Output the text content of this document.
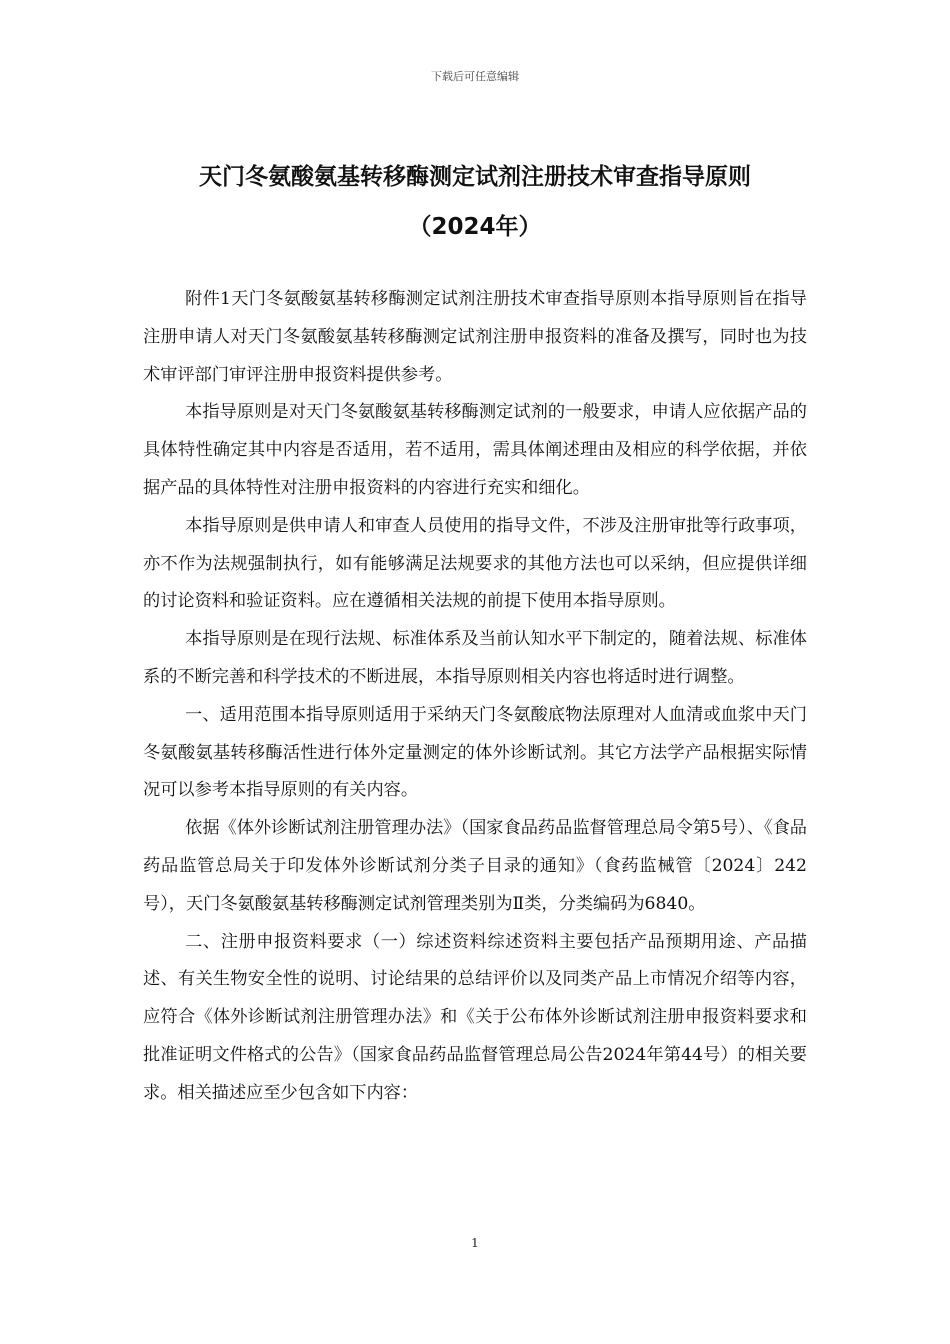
下载后可任意编辑
天门冬氨酸氨基转移酶测定试剂注册技术审查指导原则
（2024年）

附件1天门冬氨酸氨基转移酶测定试剂注册技术审查指导原则本指导原则旨在指导注册申请人对天门冬氨酸氨基转移酶测定试剂注册申报资料的准备及撰写，同时也为技术审评部门审评注册申报资料提供参考。

本指导原则是对天门冬氨酸氨基转移酶测定试剂的一般要求，申请人应依据产品的具体特性确定其中内容是否适用，若不适用，需具体阐述理由及相应的科学依据，并依据产品的具体特性对注册申报资料的内容进行充实和细化。

本指导原则是供申请人和审查人员使用的指导文件，不涉及注册审批等行政事项，亦不作为法规强制执行，如有能够满足法规要求的其他方法也可以采纳，但应提供详细的讨论资料和验证资料。应在遵循相关法规的前提下使用本指导原则。

本指导原则是在现行法规、标准体系及当前认知水平下制定的，随着法规、标准体系的不断完善和科学技术的不断进展，本指导原则相关内容也将适时进行调整。

一、适用范围本指导原则适用于采纳天门冬氨酸底物法原理对人血清或血浆中天门冬氨酸氨基转移酶活性进行体外定量测定的体外诊断试剂。其它方法学产品根据实际情况可以参考本指导原则的有关内容。

依据《体外诊断试剂注册管理办法》（国家食品药品监督管理总局令第5号）、《食品药品监管总局关于印发体外诊断试剂分类子目录的通知》（食药监械管〔2024〕242号），天门冬氨酸氨基转移酶测定试剂管理类别为Ⅱ类，分类编码为6840。

二、注册申报资料要求（一）综述资料综述资料主要包括产品预期用途、产品描述、有关生物安全性的说明、讨论结果的总结评价以及同类产品上市情况介绍等内容，应符合《体外诊断试剂注册管理办法》和《关于公布体外诊断试剂注册申报资料要求和批准证明文件格式的公告》（国家食品药品监督管理总局公告2024年第44号）的相关要求。相关描述应至少包含如下内容：

1
